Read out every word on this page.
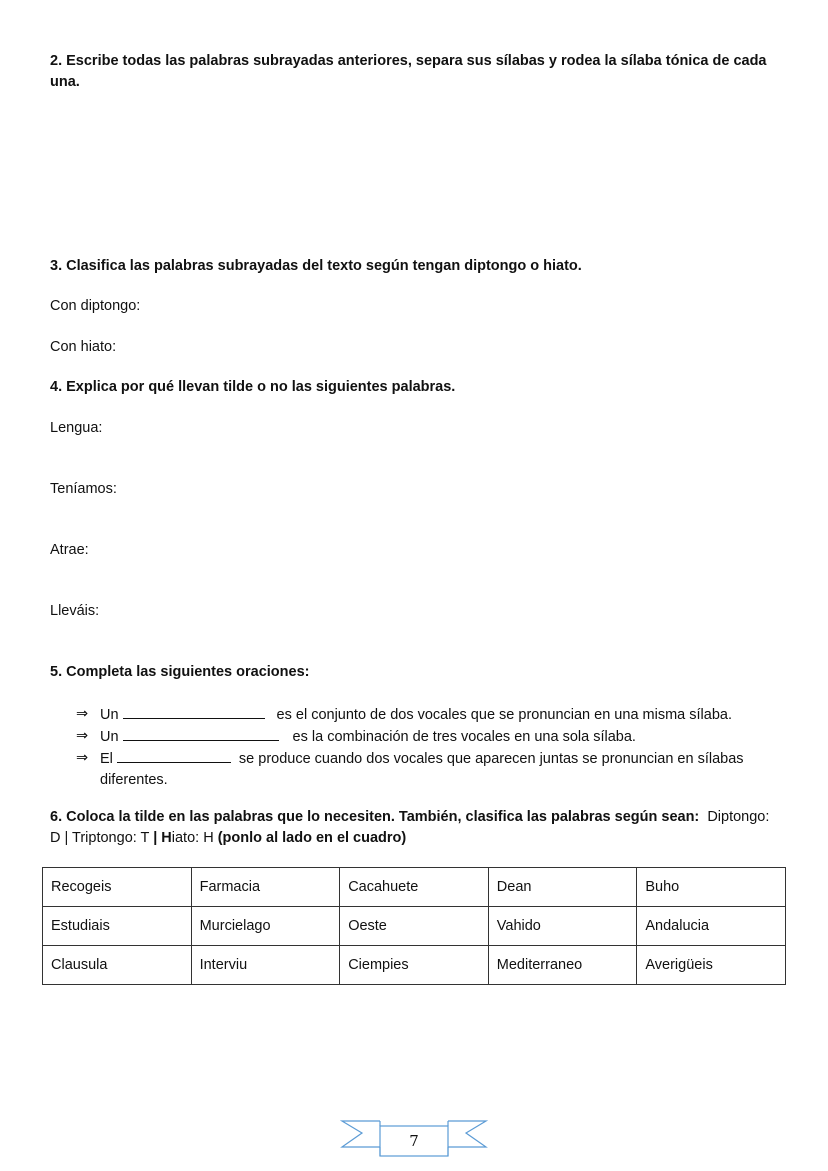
2. Escribe todas las palabras subrayadas anteriores, separa sus sílabas y rodea la sílaba tónica de cada una.
3. Clasifica las palabras subrayadas del texto según tengan diptongo o hiato.
Con diptongo:
Con hiato:
4. Explica por qué llevan tilde o no las siguientes palabras.
Lengua:
Teníamos:
Atrae:
Lleváis:
5. Completa las siguientes oraciones:
⇒ Un	es el conjunto de dos vocales que se pronuncian en una misma sílaba.
⇒ Un	es la combinación de tres vocales en una sola sílaba.
⇒ El	se produce cuando dos vocales que aparecen juntas se pronuncian en sílabas
diferentes.
6. Coloca la tilde en las palabras que lo necesiten. También, clasifica las palabras según sean: Diptongo: D | Triptongo: T | Hiato: H (ponlo al lado en el cuadro)
Recogeis	Farmacia	Cacahuete	Dean	Buho
Estudiais	Murcielago	Oeste	Vahido	Andalucia
Clausula	Interviu	Ciempies	Mediterraneo	Averigüeis
7
